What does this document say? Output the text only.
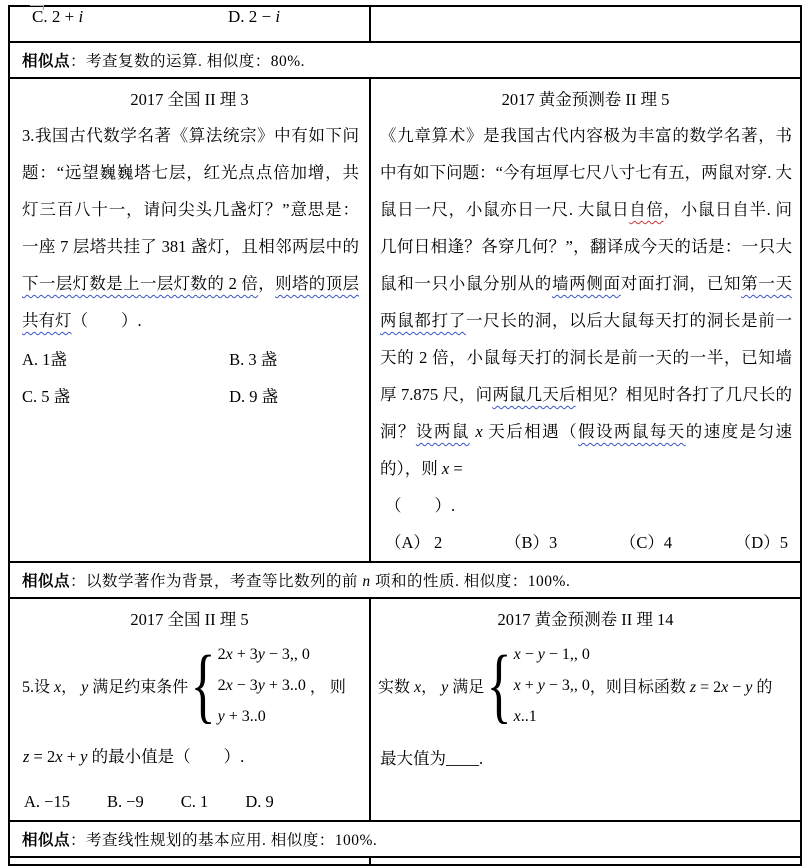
C. 2 + i D. 2 − i	

相似点：考查复数的运算. 相似度：80%.	

2017 全国 II 理 3
3.我国古代数学名著《算法统宗》中有如下问题：“远望巍巍塔七层，红光点点倍加增，共灯三百八十一，请问尖头几盏灯？”意思是：一座 7 层塔共挂了 381 盏灯，且相邻两层中的下一层灯数是上一层灯数的 2 倍，则塔的顶层共有灯（　　）.
A. 1盏	B. 3 盏
C. 5 盏	D. 9 盏

2017 黄金预测卷 II 理 5
《九章算术》是我国古代内容极为丰富的数学名著，书中有如下问题：“今有垣厚七尺八寸七有五，两鼠对穿. 大鼠日一尺，小鼠亦日一尺. 大鼠日自倍，小鼠日自半. 问几何日相逢？各穿几何？”，翻译成今天的话是：一只大鼠和一只小鼠分别从的墙两侧面对面打洞，已知第一天两鼠都打了一尺长的洞，以后大鼠每天打的洞长是前一天的 2 倍，小鼠每天打的洞长是前一天的一半，已知墙厚 7.875 尺，问两鼠几天后相见？相见时各打了几尺长的洞？设两鼠 x 天后相遇（假设两鼠每天的速度是匀速的），则 x =
（　　）.
（A） 2	（B）3	（C）4	（D）5

相似点：以数学著作为背景，考查等比数列的前 n 项和的性质. 相似度：100%.	

2017 全国 II 理 5
5.设 x， y 满足约束条件 { 2x + 3y − 3,, 0
2x − 3y + 3..0
y + 3..0
， 则
z = 2x + y 的最小值是（　　）.
A. −15 B. −9 C. 1 D. 9

2017 黄金预测卷 II 理 14
实数 x， y 满足 { x − y − 1,, 0
x + y − 3,, 0
x..1
，则目标函数 z = 2x − y 的
最大值为____.

相似点：考查线性规划的基本应用. 相似度：100%.	
